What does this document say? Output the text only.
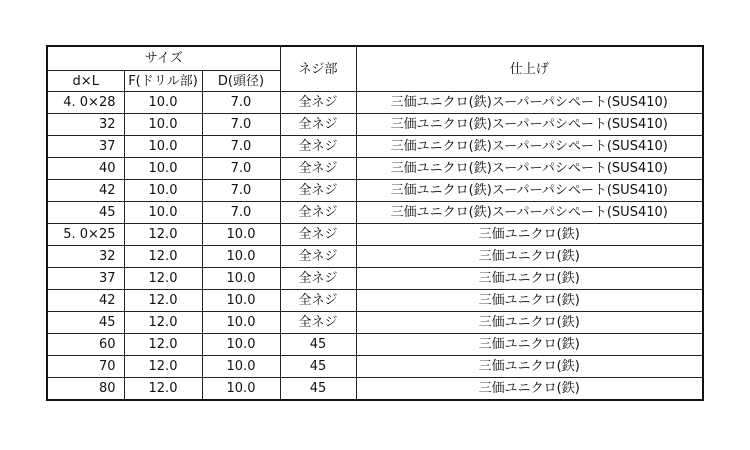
サイズ			ネジ部	仕上げ
d×L	F(ドリル部)	D(頭径)		
4. 0×28	10.0	7.0	全ネジ	三価ユニクロ(鉄)スーパーパシペート(SUS410)
32	10.0	7.0	全ネジ	三価ユニクロ(鉄)スーパーパシペート(SUS410)
37	10.0	7.0	全ネジ	三価ユニクロ(鉄)スーパーパシペート(SUS410)
40	10.0	7.0	全ネジ	三価ユニクロ(鉄)スーパーパシペート(SUS410)
42	10.0	7.0	全ネジ	三価ユニクロ(鉄)スーパーパシペート(SUS410)
45	10.0	7.0	全ネジ	三価ユニクロ(鉄)スーパーパシペート(SUS410)
5. 0×25	12.0	10.0	全ネジ	三価ユニクロ(鉄)
32	12.0	10.0	全ネジ	三価ユニクロ(鉄)
37	12.0	10.0	全ネジ	三価ユニクロ(鉄)
42	12.0	10.0	全ネジ	三価ユニクロ(鉄)
45	12.0	10.0	全ネジ	三価ユニクロ(鉄)
60	12.0	10.0	45	三価ユニクロ(鉄)
70	12.0	10.0	45	三価ユニクロ(鉄)
80	12.0	10.0	45	三価ユニクロ(鉄)
